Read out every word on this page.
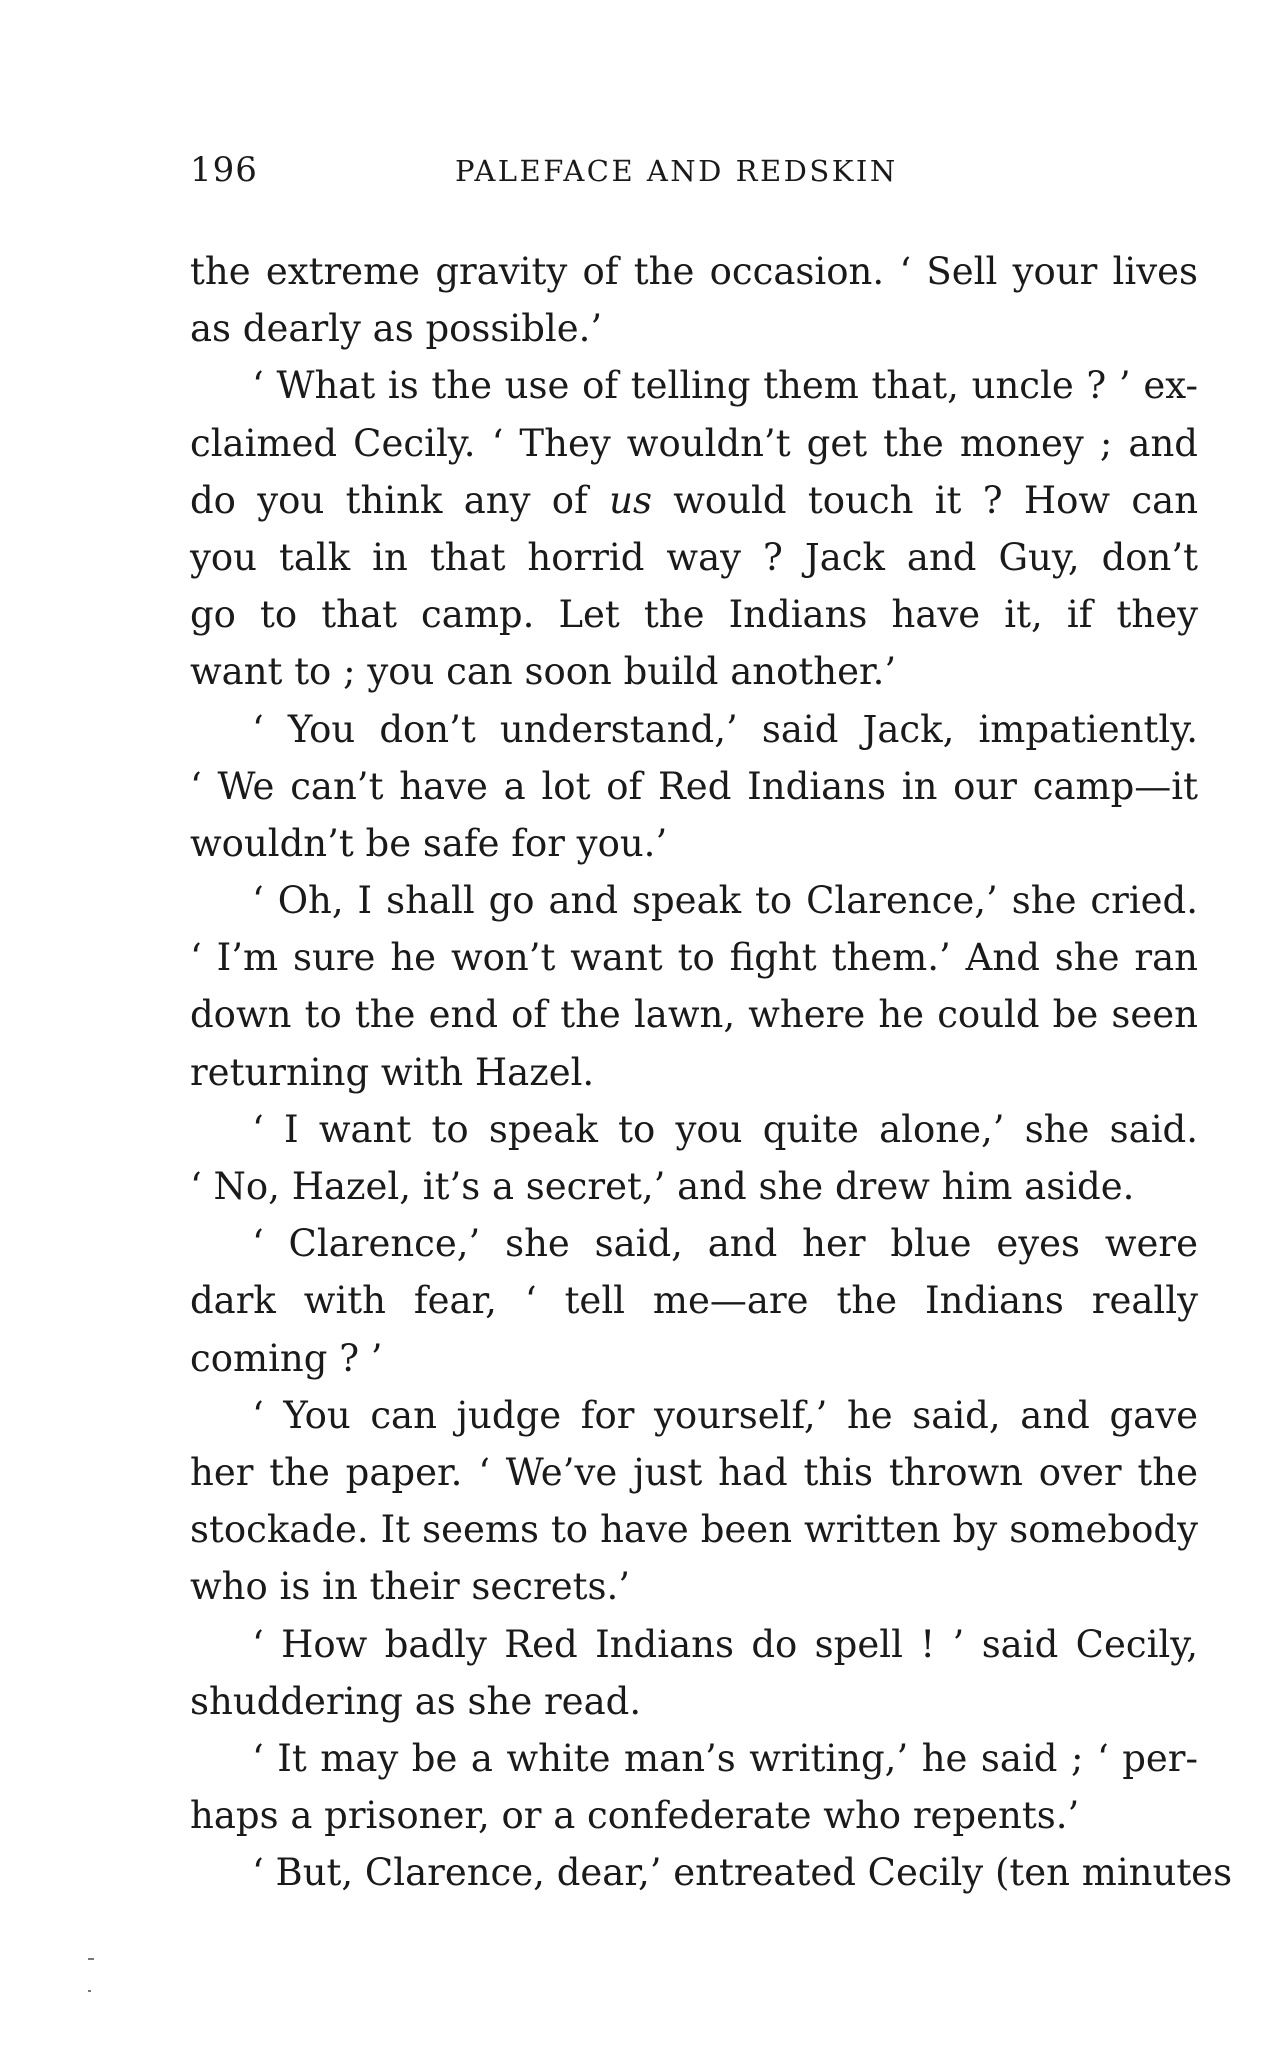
196	PALEFACE AND REDSKIN
the extreme gravity of the occasion. ‘ Sell your lives
as dearly as possible.’
‘ What is the use of telling them that, uncle ? ’ ex-
claimed Cecily. ‘ They wouldn’t get the money ; and
do you think any of us would touch it ? How can
you talk in that horrid way ? Jack and Guy, don’t
go to that camp. Let the Indians have it, if they
want to ; you can soon build another.’
‘ You don’t understand,’ said Jack, impatiently.
‘ We can’t have a lot of Red Indians in our camp—it
wouldn’t be safe for you.’
‘ Oh, I shall go and speak to Clarence,’ she cried.
‘ I’m sure he won’t want to fight them.’ And she ran
down to the end of the lawn, where he could be seen
returning with Hazel.
‘ I want to speak to you quite alone,’ she said.
‘ No, Hazel, it’s a secret,’ and she drew him aside.
‘ Clarence,’ she said, and her blue eyes were
dark with fear, ‘ tell me—are the Indians really
coming ? ’
‘ You can judge for yourself,’ he said, and gave
her the paper. ‘ We’ve just had this thrown over the
stockade. It seems to have been written by somebody
who is in their secrets.’
‘ How badly Red Indians do spell ! ’ said Cecily,
shuddering as she read.
‘ It may be a white man’s writing,’ he said ; ‘ per-
haps a prisoner, or a confederate who repents.’
‘ But, Clarence, dear,’ entreated Cecily (ten minutes
